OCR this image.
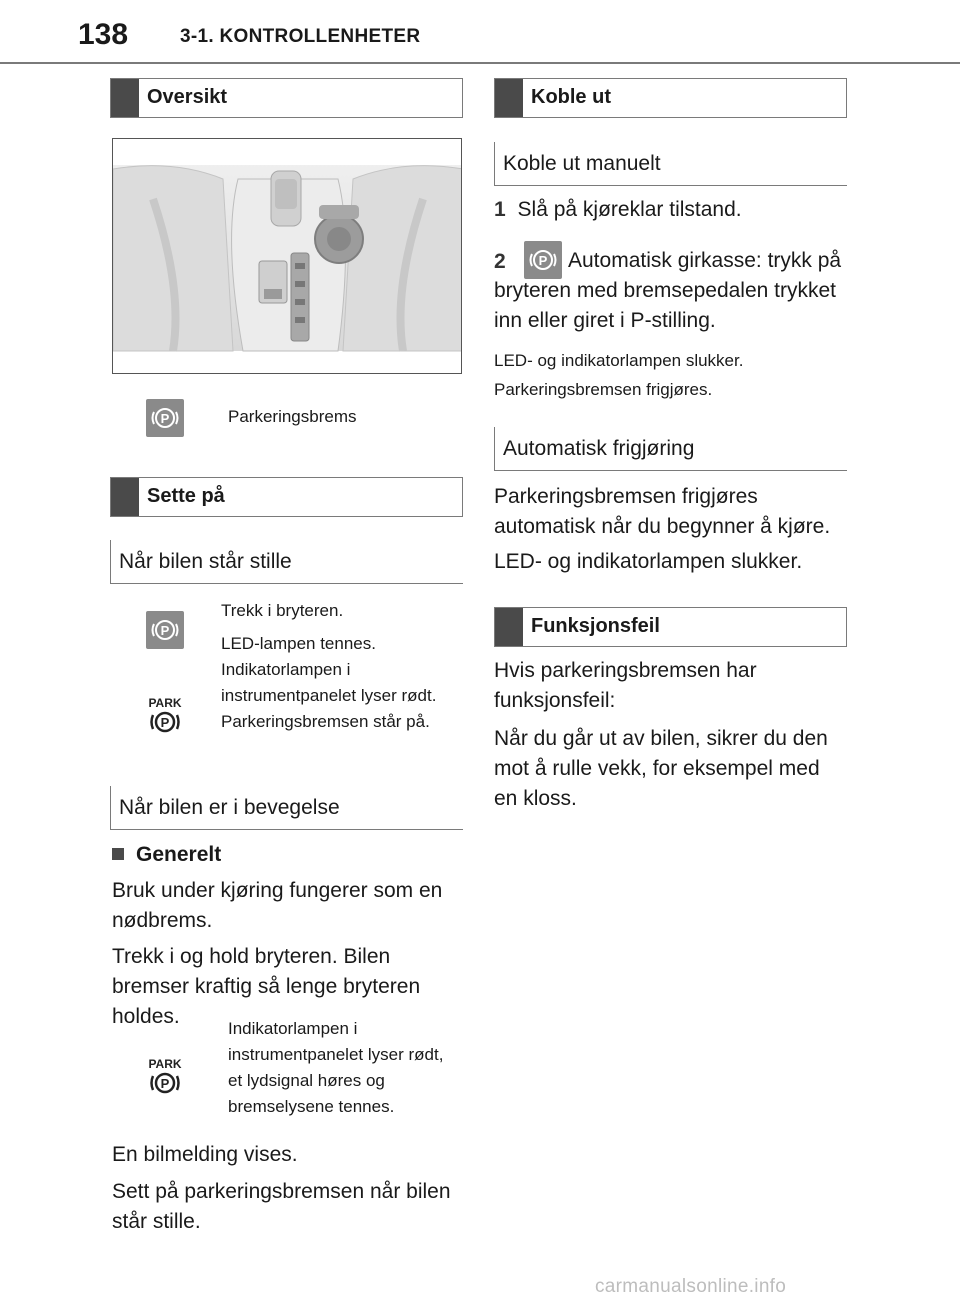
138	3-1. KONTROLLENHETER
Oversikt
P	Parkeringsbrems
Sette på
Når bilen står stille
P
PARK
P
Trekk i bryteren.
LED-lampen tennes. Indikatorlampen i instrumentpanelet lyser rødt. Parkeringsbremsen står på.
Når bilen er i bevegelse
Generelt
Bruk under kjøring fungerer som en nødbrems.
Trekk i og hold bryteren. Bilen bremser kraftig så lenge bryteren holdes.
PARK
P
Indikatorlampen i instrumentpanelet lyser rødt, et lydsignal høres og bremselysene tennes.
En bilmelding vises.
Sett på parkeringsbremsen når bilen står stille.
Koble ut
Koble ut manuelt
1 Slå på kjøreklar tilstand.
2	P Automatisk girkasse: trykk på bryteren med bremsepedalen trykket inn eller giret i P-stilling.
LED- og indikatorlampen slukker.
Parkeringsbremsen frigjøres.
Automatisk frigjøring
Parkeringsbremsen frigjøres automatisk når du begynner å kjøre.
LED- og indikatorlampen slukker.
Funksjonsfeil
Hvis parkeringsbremsen har funksjonsfeil:
Når du går ut av bilen, sikrer du den mot å rulle vekk, for eksempel med en kloss.
carmanualsonline.info
